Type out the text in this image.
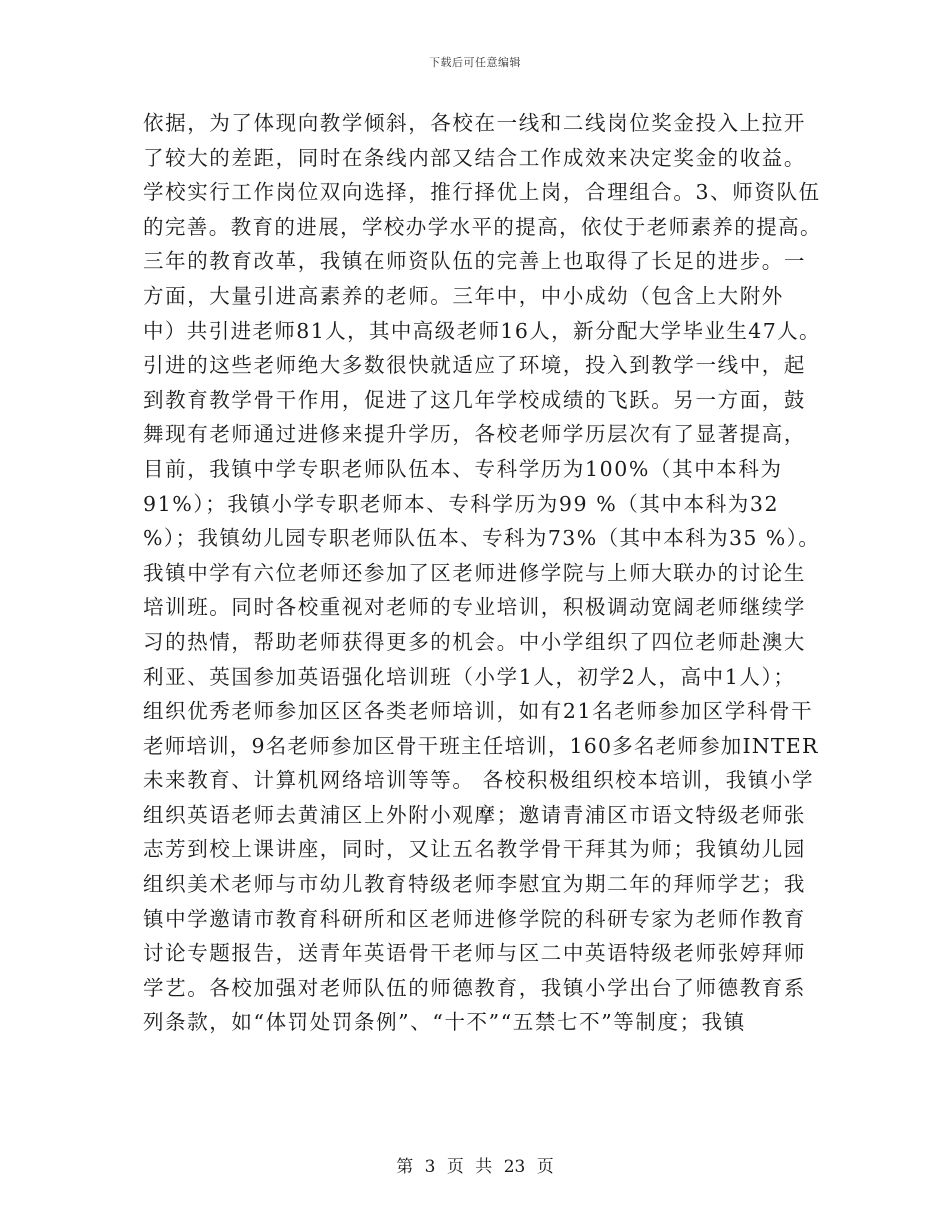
下载后可任意编辑
依据，为了体现向教学倾斜，各校在一线和二线岗位奖金投入上拉开
了较大的差距，同时在条线内部又结合工作成效来决定奖金的收益。
学校实行工作岗位双向选择，推行择优上岗，合理组合。3、师资队伍
的完善。教育的进展，学校办学水平的提高，依仗于老师素养的提高。
三年的教育改革，我镇在师资队伍的完善上也取得了长足的进步。一
方面，大量引进高素养的老师。三年中，中小成幼（包含上大附外
中）共引进老师81人，其中高级老师16人，新分配大学毕业生47人。
引进的这些老师绝大多数很快就适应了环境，投入到教学一线中，起
到教育教学骨干作用，促进了这几年学校成绩的飞跃。另一方面，鼓
舞现有老师通过进修来提升学历，各校老师学历层次有了显著提高，
目前，我镇中学专职老师队伍本、专科学历为100%（其中本科为
91%）；我镇小学专职老师本、专科学历为99 %（其中本科为32
%）；我镇幼儿园专职老师队伍本、专科为73%（其中本科为35 %）。
我镇中学有六位老师还参加了区老师进修学院与上师大联办的讨论生
培训班。同时各校重视对老师的专业培训，积极调动宽阔老师继续学
习的热情，帮助老师获得更多的机会。中小学组织了四位老师赴澳大
利亚、英国参加英语强化培训班（小学1人，初学2人，高中1人）；
组织优秀老师参加区区各类老师培训，如有21名老师参加区学科骨干
老师培训，9名老师参加区骨干班主任培训，160多名老师参加INTER
未来教育、计算机网络培训等等。 各校积极组织校本培训，我镇小学
组织英语老师去黄浦区上外附小观摩；邀请青浦区市语文特级老师张
志芳到校上课讲座，同时，又让五名教学骨干拜其为师；我镇幼儿园
组织美术老师与市幼儿教育特级老师李慰宜为期二年的拜师学艺；我
镇中学邀请市教育科研所和区老师进修学院的科研专家为老师作教育
讨论专题报告，送青年英语骨干老师与区二中英语特级老师张婷拜师
学艺。各校加强对老师队伍的师德教育，我镇小学出台了师德教育系
列条款，如“体罚处罚条例”、“十不”“五禁七不”等制度；我镇
第 3 页 共 23 页
